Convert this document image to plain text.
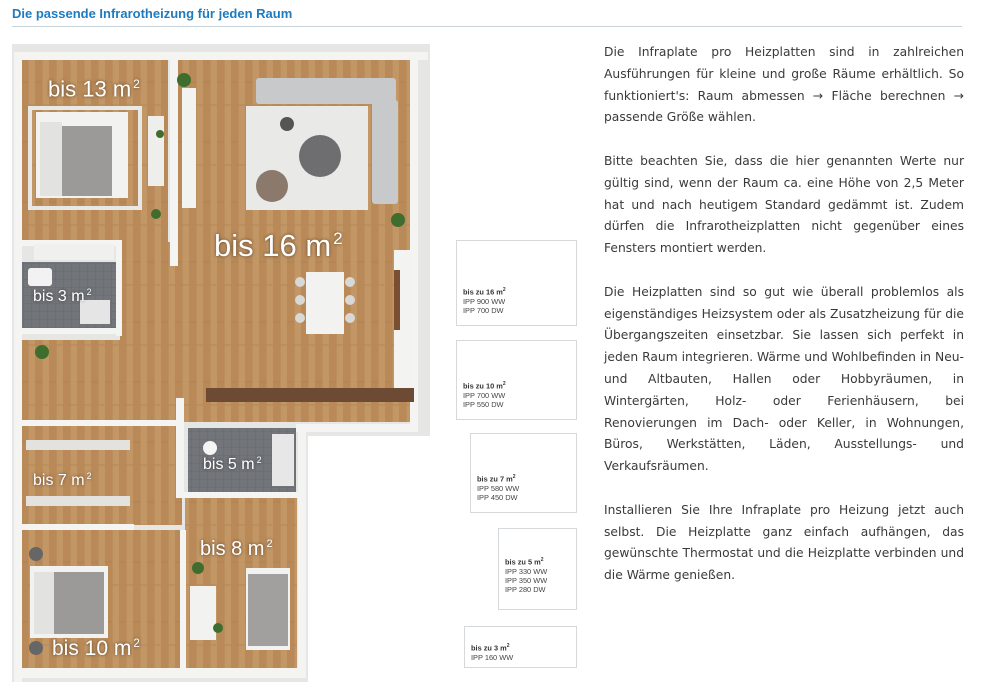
Die passende Infrarotheizung für jeden Raum
bis 13 m $^2$
bis 16 m $^2$
bis 3 m $^2$
bis 7 m $^2$
bis 5 m $^2$
bis 8 m $^2$
bis 10 m $^2$
bis zu 16 $m^2$
IPP 900 WW
IPP 700 DW
bis zu 10 $m^2$
IPP 700 WW
IPP 550 DW
bis zu 7 $m^2$
IPP 580 WW
IPP 450 DW
bis zu 5 $m^2$
IPP 330 WW
IPP 350 WW
IPP 280 DW
bis zu 3 $m^2$
IPP 160 WW

Die Infraplate pro Heizplatten sind in zahlreichen Ausführungen für kleine und große Räume erhältlich. So funktioniert's: Raum abmessen → Fläche berechnen → passende Größe wählen.

Bitte beachten Sie, dass die hier genannten Werte nur gültig sind, wenn der Raum ca. eine Höhe von 2,5 Meter hat und nach heutigem Standard gedämmt ist. Zudem dürfen die Infrarotheizplatten nicht gegenüber eines Fensters montiert werden.

Die Heizplatten sind so gut wie überall problemlos als eigenständiges Heizsystem oder als Zusatzheizung für die Übergangszeiten einsetzbar. Sie lassen sich perfekt in jeden Raum integrieren. Wärme und Wohlbefinden in Neu- und Altbauten, Hallen oder Hobbyräumen, in Wintergärten, Holz- oder Ferienhäusern, bei Renovierungen im Dach- oder Keller, in Wohnungen, Büros, Werkstätten, Läden, Ausstellungs- und Verkaufsräumen.

Installieren Sie Ihre Infraplate pro Heizung jetzt auch selbst. Die Heizplatte ganz einfach aufhängen, das gewünschte Thermostat und die Heizplatte verbinden und die Wärme genießen.
